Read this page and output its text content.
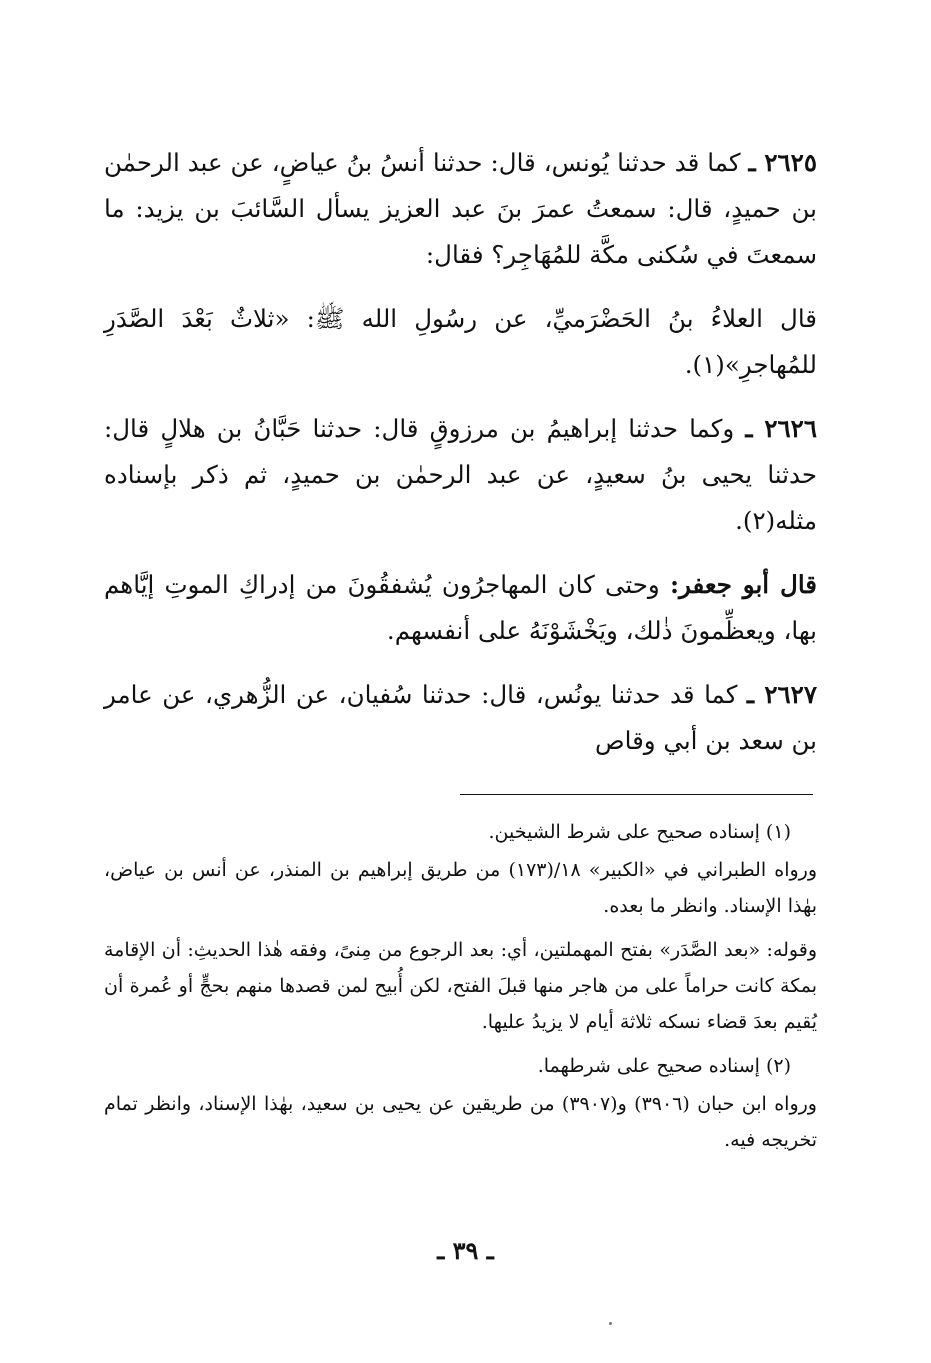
٢٦٢٥ ـ كما قد حدثنا يُونس، قال: حدثنا أنسُ بنُ عياضٍ، عن عبد الرحمٰن بن حميدٍ، قال: سمعتُ عمرَ بنَ عبد العزيز يسأل السَّائبَ بن يزيد: ما سمعتَ في سُكنى مكَّة للمُهَاجِر؟ فقال:

قال العلاءُ بنُ الحَضْرَميِّ، عن رسُولِ الله ﷺ: «ثلاثٌ بَعْدَ الصَّدَرِ للمُهاجرِ»(١).

٢٦٢٦ ـ وكما حدثنا إبراهيمُ بن مرزوقٍ قال: حدثنا حَبَّانُ بن هلالٍ قال: حدثنا يحيى بنُ سعيدٍ، عن عبد الرحمٰن بن حميدٍ، ثم ذكر بإسناده مثله(٢).

قال أبو جعفر: وحتى كان المهاجرُون يُشفقُونَ من إدراكِ الموتِ إيَّاهم بها، ويعظِّمونَ ذٰلك، ويَخْشَوْنَهُ على أنفسهم.

٢٦٢٧ ـ كما قد حدثنا يونُس، قال: حدثنا سُفيان، عن الزُّهري، عن عامر بن سعد بن أبي وقاص

(١) إسناده صحيح على شرط الشيخين.

ورواه الطبراني في «الكبير» ١٨/(١٧٣) من طريق إبراهيم بن المنذر، عن أنس بن عياض، بهٰذا الإسناد. وانظر ما بعده.

وقوله: «بعد الصَّدَر» بفتح المهملتين، أي: بعد الرجوع من مِنىً، وفقه هٰذا الحديثِ: أن الإقامة بمكة كانت حراماً على من هاجر منها قبلَ الفتح، لكن أُبيح لمن قصدها منهم بحجٍّ أو عُمرة أن يُقيم بعدَ قضاء نسكه ثلاثة أيام لا يزيدُ عليها.

(٢) إسناده صحيح على شرطهما.

ورواه ابن حبان (٣٩٠٦) و(٣٩٠٧) من طريقين عن يحيى بن سعيد، بهٰذا الإسناد، وانظر تمام تخريجه فيه.

ـ ٣٩ ـ
